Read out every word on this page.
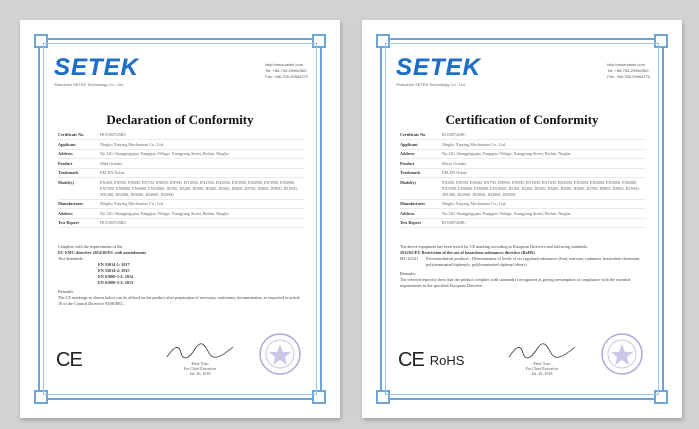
SETEK
Shenzhen SETEK Technology Co., Ltd.
http://www.setek.com
Tel: +86-755-29964360
Fax: +86-755-29964270
Declaration of Conformity
Certificate No.	HCS180726BC
Applicant	Ningbo Xinying Mechanism Co., Ltd.
Address	No.120, Shangjingqiao, Fangqiao Village, Xiangyang Street, Beilun, Ningbo
Product	Mini Grinder
Trademark	EELEN Nolan
Model(s)	EN400, EN500, EN600, EN700, EN800, EN900, EN1000, EN1500, EN2000, EN3000, EN4000, EN5000, EN6000, EN7000, EN8000, EN9000, EN10000, JD100, JD200, JD300, JD400, JD500, JD600, JD700, JD800, JD900, JD1000, JD1500, JD2000, JD3000, JD4000, JD5000
Manufacturer	Ningbo Xinying Mechanism Co., Ltd.
Address	No.120, Shangjingqiao, Fangqiao Village, Xiangyang Street, Beilun, Ningbo
Test Report	HCS180726BC
Complies with the requirements of the
EC EMC-directive 2014/30/EU with amendments
Test Standards:
EN 55014-1: 2017
EN 55014-2: 2015
EN 61000-3-2: 2014
EN 61000-3-3: 2013
Remarks:
The CE markings as shown below can be affixed on the product after preparation of necessary conformity documentation, as requested in article 10 of the Council Directive 93/68/EEC.
CE	Peter Xiao
For Chief Executive
Jul. 26, 2018
SETEK
Shenzhen SETEK Technology Co., Ltd.
http://www.setek.com
Tel: +86-755-29964360
Fax: +86-755-29964270
Certification of Conformity
Certificate No.	RO180726BC
Applicant	Ningbo Xinying Mechanism Co., Ltd.
Address	No.120, Shangjingqiao, Fangqiao Village, Xiangyang Street, Beilun, Ningbo
Product	Micro Grinder
Trademark	EELEN Nolan
Model(s)	EN400, EN500, EN600, EN700, EN800, EN900, EN1000, EN1500, EN2000, EN3000, EN4000, EN5000, EN6000, EN7000, EN8000, EN9000, EN10000, JD100, JD200, JD300, JD400, JD500, JD600, JD700, JD800, JD900, JD1000, JD1500, JD2000, JD3000, JD4000, JD5000
Manufacturer	Ningbo Xinying Mechanism Co., Ltd.
Address	No.120, Shangjingqiao, Fangqiao Village, Xiangyang Street, Beilun, Ningbo
Test Report	RO180726BC
The above equipment has been tested for CE marking according to European Directive and following standards:
2011/65/EU Restriction of the use of hazardous substances directive (RoHS)
IEC 62321	Electrotechnical products - Determination of levels of six regulated substances (lead, mercury, cadmium, hexavalent chromium, polybrominated biphenyls, polybrominated diphenyl ethers)
Remarks:
The referred report(s) show that the product complies with standard(s) recognized as giving presumption of compliance with the essential requirements in the specified European Directive.
CE RoHS	Peter Xiao
For Chief Executive
Jul. 26, 2018
